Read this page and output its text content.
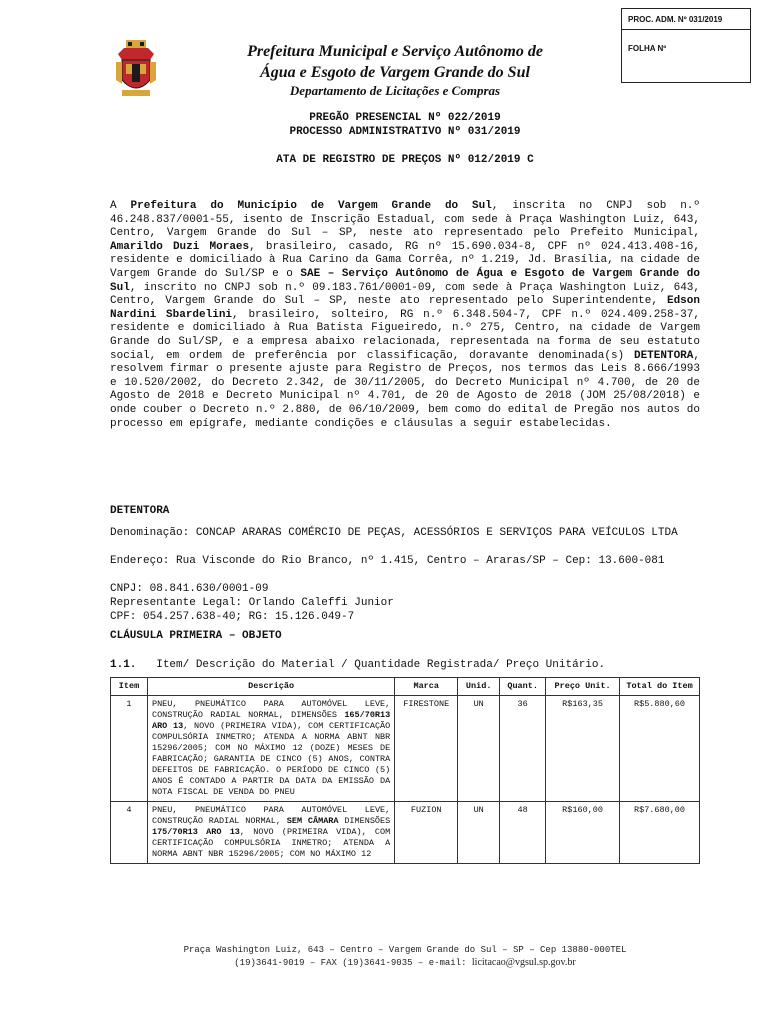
PROC. ADM. Nº 031/2019
FOLHA Nº
Prefeitura Municipal e Serviço Autônomo de
Água e Esgoto de Vargem Grande do Sul
Departamento de Licitações e Compras
PREGÃO PRESENCIAL Nº 022/2019
PROCESSO ADMINISTRATIVO Nº 031/2019
ATA DE REGISTRO DE PREÇOS Nº 012/2019 C
A Prefeitura do Município de Vargem Grande do Sul, inscrita no CNPJ sob n.º 46.248.837/0001-55, isento de Inscrição Estadual, com sede à Praça Washington Luiz, 643, Centro, Vargem Grande do Sul – SP, neste ato representado pelo Prefeito Municipal, Amarildo Duzi Moraes, brasileiro, casado, RG nº 15.690.034-8, CPF nº 024.413.408-16, residente e domiciliado à Rua Carino da Gama Corrêa, nº 1.219, Jd. Brasília, na cidade de Vargem Grande do Sul/SP e o SAE – Serviço Autônomo de Água e Esgoto de Vargem Grande do Sul, inscrito no CNPJ sob n.º 09.183.761/0001-09, com sede à Praça Washington Luiz, 643, Centro, Vargem Grande do Sul – SP, neste ato representado pelo Superintendente, Edson Nardini Sbardelini, brasileiro, solteiro, RG n.º 6.348.504-7, CPF n.º 024.409.258-37, residente e domiciliado à Rua Batista Figueiredo, n.º 275, Centro, na cidade de Vargem Grande do Sul/SP, e a empresa abaixo relacionada, representada na forma de seu estatuto social, em ordem de preferência por classificação, doravante denominada(s) DETENTORA, resolvem firmar o presente ajuste para Registro de Preços, nos termos das Leis 8.666/1993 e 10.520/2002, do Decreto 2.342, de 30/11/2005, do Decreto Municipal nº 4.700, de 20 de Agosto de 2018 e Decreto Municipal nº 4.701, de 20 de Agosto de 2018 (JOM 25/08/2018) e onde couber o Decreto n.º 2.880, de 06/10/2009, bem como do edital de Pregão nos autos do processo em epígrafe, mediante condições e cláusulas a seguir estabelecidas.
DETENTORA
Denominação: CONCAP ARARAS COMÉRCIO DE PEÇAS, ACESSÓRIOS E SERVIÇOS PARA VEÍCULOS LTDA
Endereço: Rua Visconde do Rio Branco, nº 1.415, Centro – Araras/SP – Cep: 13.600-081
CNPJ: 08.841.630/0001-09
Representante Legal: Orlando Caleffi Junior
CPF: 054.257.638-40; RG: 15.126.049-7
CLÁUSULA PRIMEIRA – OBJETO
1.1. Item/ Descrição do Material / Quantidade Registrada/ Preço Unitário.
Item	Descrição	Marca	Unid.	Quant.	Preço Unit.	Total do Item
1	PNEU, PNEUMÁTICO PARA AUTOMÓVEL LEVE, CONSTRUÇÃO RADIAL NORMAL, DIMENSÕES 165/70R13 ARO 13, NOVO (PRIMEIRA VIDA), COM CERTIFICAÇÃO COMPULSÓRIA INMETRO; ATENDA A NORMA ABNT NBR 15296/2005; COM NO MÁXIMO 12 (DOZE) MESES DE FABRICAÇÃO; GARANTIA DE CINCO (5) ANOS, CONTRA DEFEITOS DE FABRICAÇÃO. O PERÍODO DE CINCO (5) ANOS É CONTADO A PARTIR DA DATA DA EMISSÃO DA NOTA FISCAL DE VENDA DO PNEU	FIRESTONE	UN	36	R$163,35	R$5.880,60
4	PNEU, PNEUMÁTICO PARA AUTOMÓVEL LEVE, CONSTRUÇÃO RADIAL NORMAL, SEM CÂMARA DIMENSÕES 175/70R13 ARO 13, NOVO (PRIMEIRA VIDA), COM CERTIFICAÇÃO COMPULSÓRIA INMETRO; ATENDA A NORMA ABNT NBR 15296/2005; COM NO MÁXIMO 12	FUZION	UN	48	R$160,00	R$7.680,00
Praça Washington Luiz, 643 – Centro – Vargem Grande do Sul – SP – Cep 13880-000TEL
(19)3641-9019 – FAX (19)3641-9035 – e-mail: licitacao@vgsul.sp.gov.br
